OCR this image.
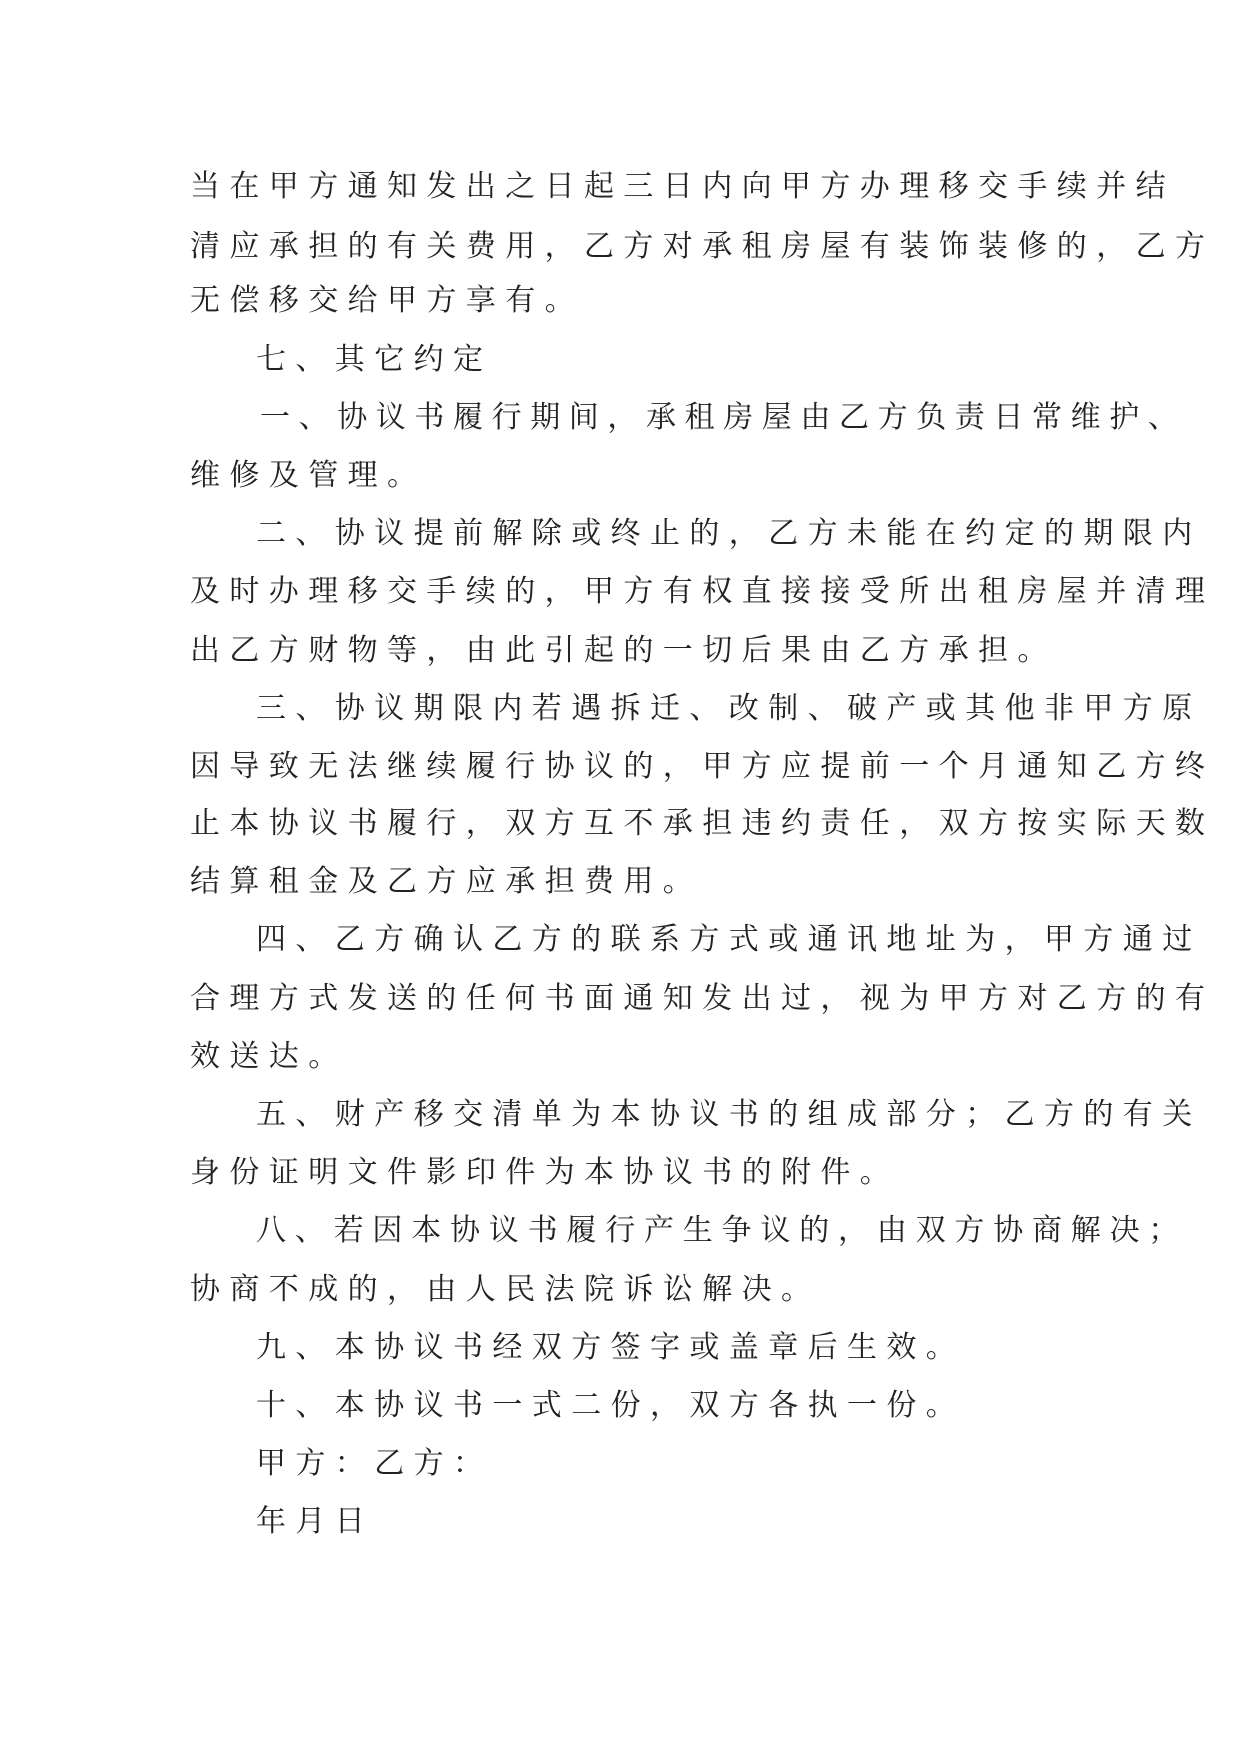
当在甲方通知发出之日起三日内向甲方办理移交手续并结
清应承担的有关费用，乙方对承租房屋有装饰装修的，乙方
无偿移交给甲方享有。
七、其它约定
一、协议书履行期间，承租房屋由乙方负责日常维护、
维修及管理。
二、协议提前解除或终止的，乙方未能在约定的期限内
及时办理移交手续的，甲方有权直接接受所出租房屋并清理
出乙方财物等，由此引起的一切后果由乙方承担。
三、协议期限内若遇拆迁、改制、破产或其他非甲方原
因导致无法继续履行协议的，甲方应提前一个月通知乙方终
止本协议书履行，双方互不承担违约责任，双方按实际天数
结算租金及乙方应承担费用。
四、乙方确认乙方的联系方式或通讯地址为，甲方通过
合理方式发送的任何书面通知发出过，视为甲方对乙方的有
效送达。
五、财产移交清单为本协议书的组成部分；乙方的有关
身份证明文件影印件为本协议书的附件。
八、若因本协议书履行产生争议的，由双方协商解决；
协商不成的，由人民法院诉讼解决。
九、本协议书经双方签字或盖章后生效。
十、本协议书一式二份，双方各执一份。
甲方：乙方：
年月日
